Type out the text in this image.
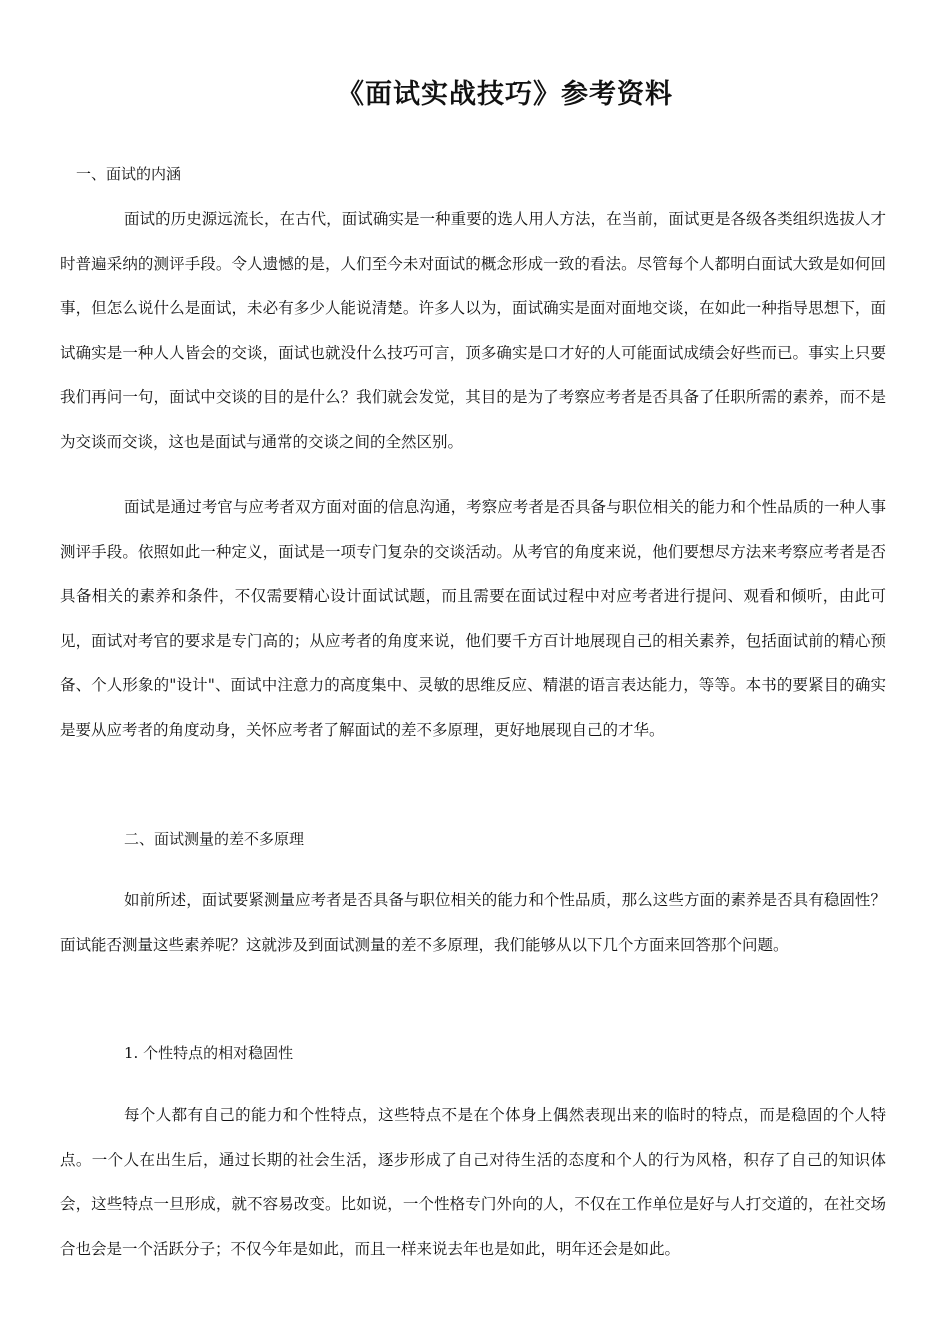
《面试实战技巧》参考资料
一、面试的内涵

面试的历史源远流长，在古代，面试确实是一种重要的选人用人方法，在当前，面试更是各级各类组织选拔人才时普遍采纳的测评手段。令人遗憾的是，人们至今未对面试的概念形成一致的看法。尽管每个人都明白面试大致是如何回事，但怎么说什么是面试，未必有多少人能说清楚。许多人以为，面试确实是面对面地交谈，在如此一种指导思想下，面试确实是一种人人皆会的交谈，面试也就没什么技巧可言，顶多确实是口才好的人可能面试成绩会好些而已。事实上只要我们再问一句，面试中交谈的目的是什么？我们就会发觉，其目的是为了考察应考者是否具备了任职所需的素养，而不是为交谈而交谈，这也是面试与通常的交谈之间的全然区别。

面试是通过考官与应考者双方面对面的信息沟通，考察应考者是否具备与职位相关的能力和个性品质的一种人事测评手段。依照如此一种定义，面试是一项专门复杂的交谈活动。从考官的角度来说，他们要想尽方法来考察应考者是否具备相关的素养和条件，不仅需要精心设计面试试题，而且需要在面试过程中对应考者进行提问、观看和倾听，由此可见，面试对考官的要求是专门高的；从应考者的角度来说，他们要千方百计地展现自己的相关素养，包括面试前的精心预备、个人形象的"设计"、面试中注意力的高度集中、灵敏的思维反应、精湛的语言表达能力，等等。本书的要紧目的确实是要从应考者的角度动身，关怀应考者了解面试的差不多原理，更好地展现自己的才华。

二、面试测量的差不多原理

如前所述，面试要紧测量应考者是否具备与职位相关的能力和个性品质，那么这些方面的素养是否具有稳固性？面试能否测量这些素养呢？这就涉及到面试测量的差不多原理，我们能够从以下几个方面来回答那个问题。

1. 个性特点的相对稳固性

每个人都有自己的能力和个性特点，这些特点不是在个体身上偶然表现出来的临时的特点，而是稳固的个人特点。一个人在出生后，通过长期的社会生活，逐步形成了自己对待生活的态度和个人的行为风格，积存了自己的知识体会，这些特点一旦形成，就不容易改变。比如说，一个性格专门外向的人，不仅在工作单位是好与人打交道的，在社交场合也会是一个活跃分子；不仅今年是如此，而且一样来说去年也是如此，明年还会是如此。
